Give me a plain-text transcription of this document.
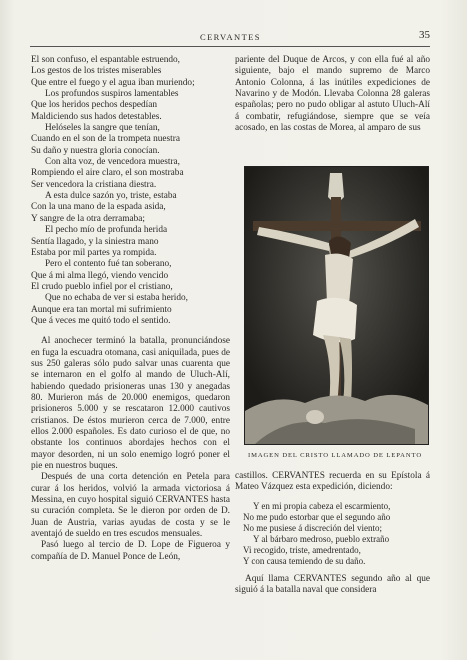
CERVANTES	35
El son confuso, el espantable estruendo,
Los gestos de los tristes miserables
Que entre el fuego y el agua iban muriendo;
Los profundos suspiros lamentables
Que los heridos pechos despedían
Maldiciendo sus hados detestables.
Helóseles la sangre que tenían,
Cuando en el son de la trompeta nuestra
Su daño y nuestra gloria conocían.
Con alta voz, de vencedora muestra,
Rompiendo el aire claro, el son mostraba
Ser vencedora la cristiana diestra.
A esta dulce sazón yo, triste, estaba
Con la una mano de la espada asida,
Y sangre de la otra derramaba;
El pecho mío de profunda herida
Sentía llagado, y la siniestra mano
Estaba por mil partes ya rompida.
Pero el contento fué tan soberano,
Que á mi alma llegó, viendo vencido
El crudo pueblo infiel por el cristiano,
Que no echaba de ver si estaba herido,
Aunque era tan mortal mi sufrimiento
Que á veces me quitó todo el sentido.

Al anochecer terminó la batalla, pronunciándose en fuga la escuadra otomana, casi aniquilada, pues de sus 250 galeras sólo pudo salvar unas cuarenta que se internaron en el golfo al mando de Uluch-Alí, habiendo quedado prisioneras unas 130 y anegadas 80. Murieron más de 20.000 enemigos, quedaron prisioneros 5.000 y se rescataron 12.000 cautivos cristianos. De éstos murieron cerca de 7.000, entre ellos 2.000 españoles. Es dato curioso el de que, no obstante los continuos abordajes hechos con el mayor desorden, ni un solo enemigo logró poner el pie en nuestros buques.

Después de una corta detención en Petela para curar á los heridos, volvió la armada victoriosa á Messina, en cuyo hospital siguió CERVANTES hasta su curación completa. Se le dieron por orden de D. Juan de Austria, varias ayudas de costa y se le aventajó de sueldo en tres escudos mensuales.

Pasó luego al tercio de D. Lope de Figueroa y compañía de D. Manuel Ponce de León,

pariente del Duque de Arcos, y con ella fué al año siguiente, bajo el mando supremo de Marco Antonio Colonna, á las inútiles expediciones de Navarino y de Modón. Llevaba Colonna 28 galeras españolas; pero no pudo obligar al astuto Uluch-Alí á combatir, refugiándose, siempre que se veía acosado, en las costas de Morea, al amparo de sus
IMAGEN DEL CRISTO LLAMADO DE LEPANTO
castillos. CERVANTES recuerda en su Epístola á Mateo Vázquez esta expedición, diciendo:
Y en mi propia cabeza el escarmiento,
No me pudo estorbar que el segundo año
No me pusiese á discreción del viento;
Y al bárbaro medroso, pueblo extraño
Vi recogido, triste, amedrentado,
Y con causa temiendo de su daño.
Aquí llama CERVANTES segundo año al que siguió á la batalla naval que considera
